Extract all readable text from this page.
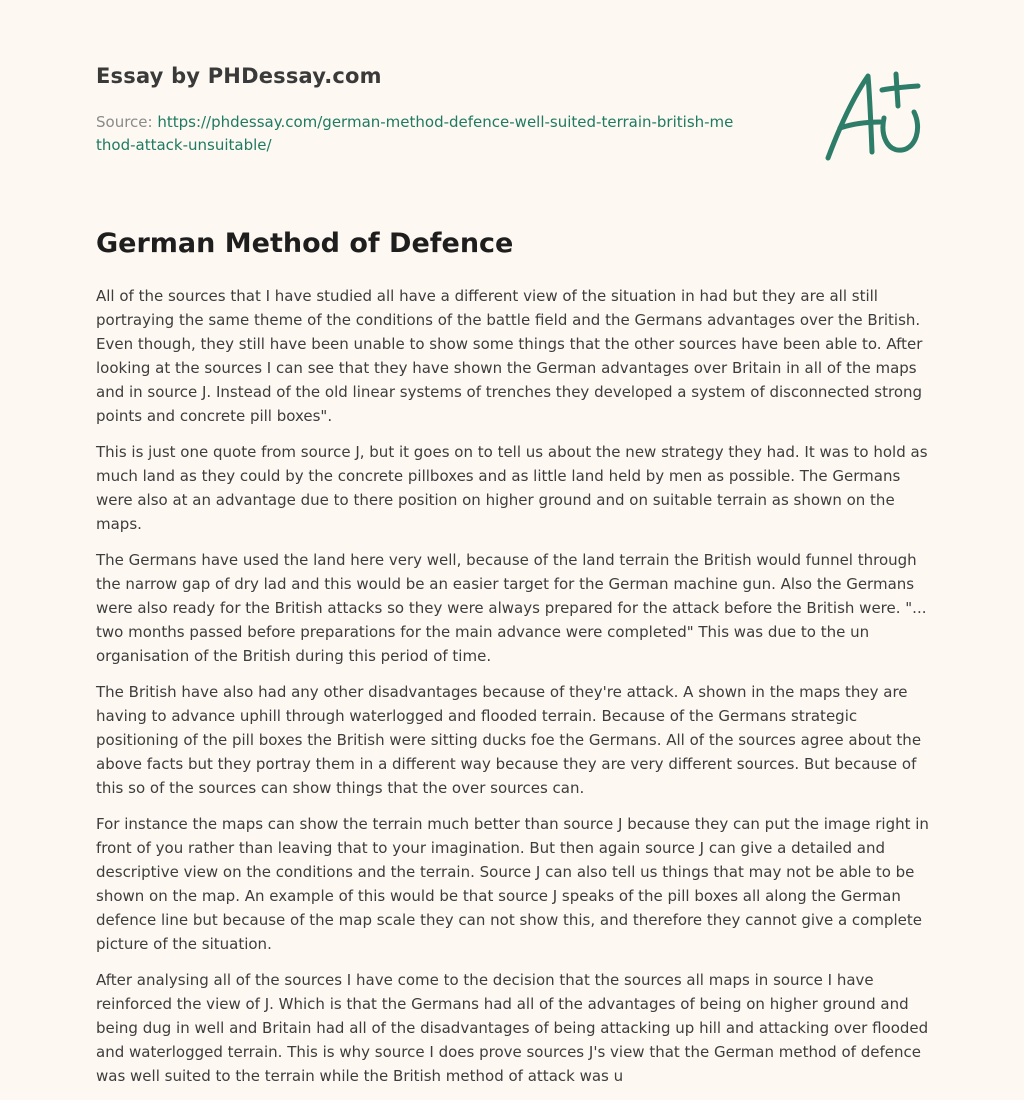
Essay by PHDessay.com
Source: https://phdessay.com/german-method-defence-well-suited-terrain-british-method-attack-unsuitable/
German Method of Defence

All of the sources that I have studied all have a different view of the situation in had but they are all still portraying the same theme of the conditions of the battle field and the Germans advantages over the British. Even though, they still have been unable to show some things that the other sources have been able to. After looking at the sources I can see that they have shown the German advantages over Britain in all of the maps and in source J. Instead of the old linear systems of trenches they developed a system of disconnected strong points and concrete pill boxes".

This is just one quote from source J, but it goes on to tell us about the new strategy they had. It was to hold as much land as they could by the concrete pillboxes and as little land held by men as possible. The Germans were also at an advantage due to there position on higher ground and on suitable terrain as shown on the maps.

The Germans have used the land here very well, because of the land terrain the British would funnel through the narrow gap of dry lad and this would be an easier target for the German machine gun. Also the Germans were also ready for the British attacks so they were always prepared for the attack before the British were. "... two months passed before preparations for the main advance were completed" This was due to the un organisation of the British during this period of time.

The British have also had any other disadvantages because of they're attack. A shown in the maps they are having to advance uphill through waterlogged and flooded terrain. Because of the Germans strategic positioning of the pill boxes the British were sitting ducks foe the Germans. All of the sources agree about the above facts but they portray them in a different way because they are very different sources. But because of this so of the sources can show things that the over sources can.

For instance the maps can show the terrain much better than source J because they can put the image right in front of you rather than leaving that to your imagination. But then again source J can give a detailed and descriptive view on the conditions and the terrain. Source J can also tell us things that may not be able to be shown on the map. An example of this would be that source J speaks of the pill boxes all along the German defence line but because of the map scale they can not show this, and therefore they cannot give a complete picture of the situation.

After analysing all of the sources I have come to the decision that the sources all maps in source I have reinforced the view of J. Which is that the Germans had all of the advantages of being on higher ground and being dug in well and Britain had all of the disadvantages of being attacking up hill and attacking over flooded and waterlogged terrain. This is why source I does prove sources J's view that the German method of defence was well suited to the terrain while the British method of attack was u
